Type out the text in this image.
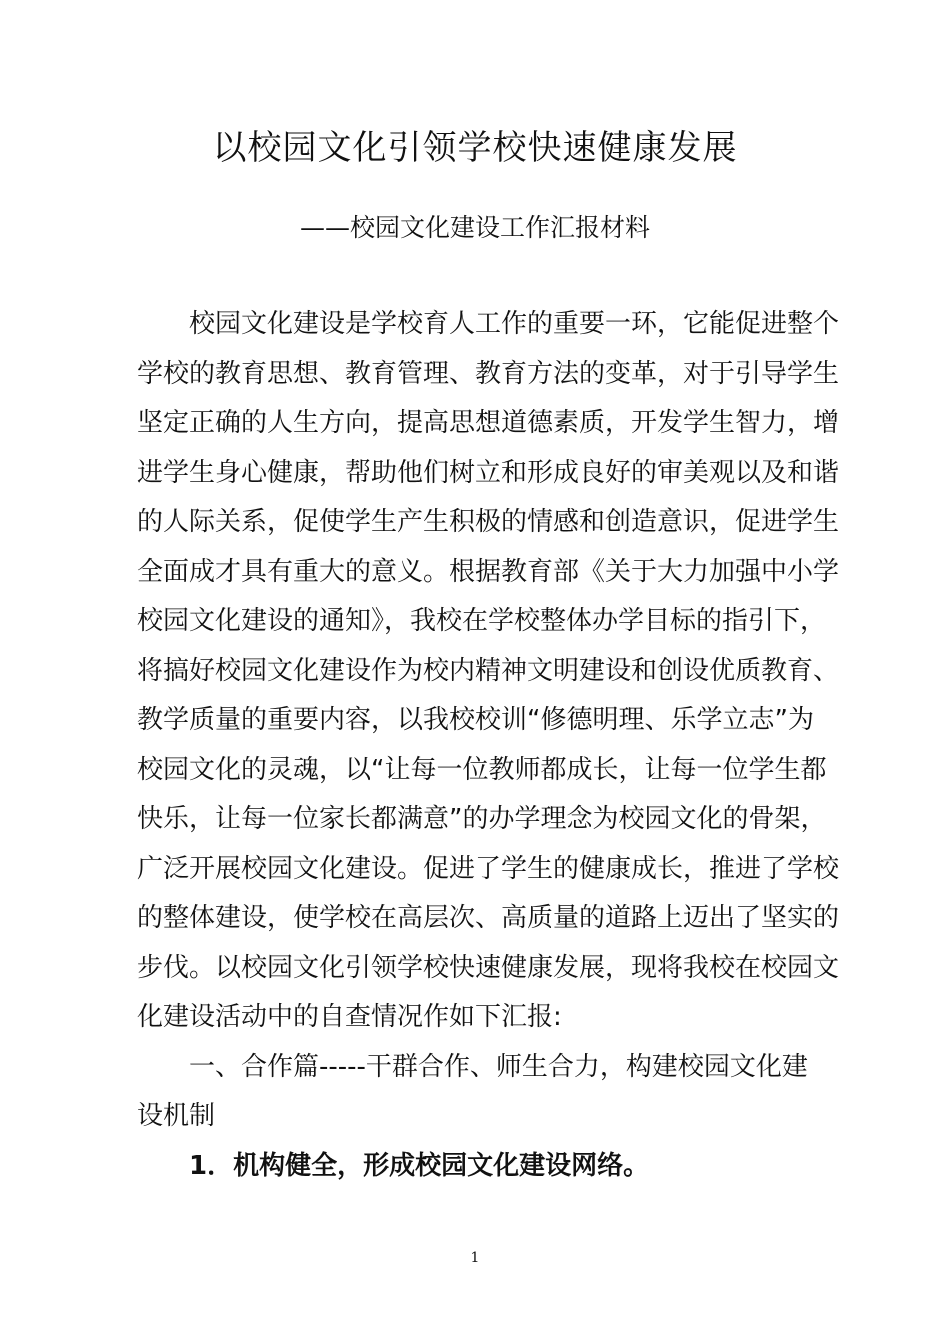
以校园文化引领学校快速健康发展
——校园文化建设工作汇报材料
校园文化建设是学校育人工作的重要一环，它能促进整个
学校的教育思想、教育管理、教育方法的变革，对于引导学生
坚定正确的人生方向，提高思想道德素质，开发学生智力，增
进学生身心健康，帮助他们树立和形成良好的审美观以及和谐
的人际关系，促使学生产生积极的情感和创造意识，促进学生
全面成才具有重大的意义。根据教育部《关于大力加强中小学
校园文化建设的通知》，我校在学校整体办学目标的指引下，
将搞好校园文化建设作为校内精神文明建设和创设优质教育、
教学质量的重要内容，以我校校训“修德明理、乐学立志”为
校园文化的灵魂，以“让每一位教师都成长，让每一位学生都
快乐，让每一位家长都满意”的办学理念为校园文化的骨架，
广泛开展校园文化建设。促进了学生的健康成长，推进了学校
的整体建设，使学校在高层次、高质量的道路上迈出了坚实的
步伐。以校园文化引领学校快速健康发展，现将我校在校园文
化建设活动中的自查情况作如下汇报:
一、合作篇-----干群合作、师生合力，构建校园文化建
设机制
1．机构健全，形成校园文化建设网络。
1
